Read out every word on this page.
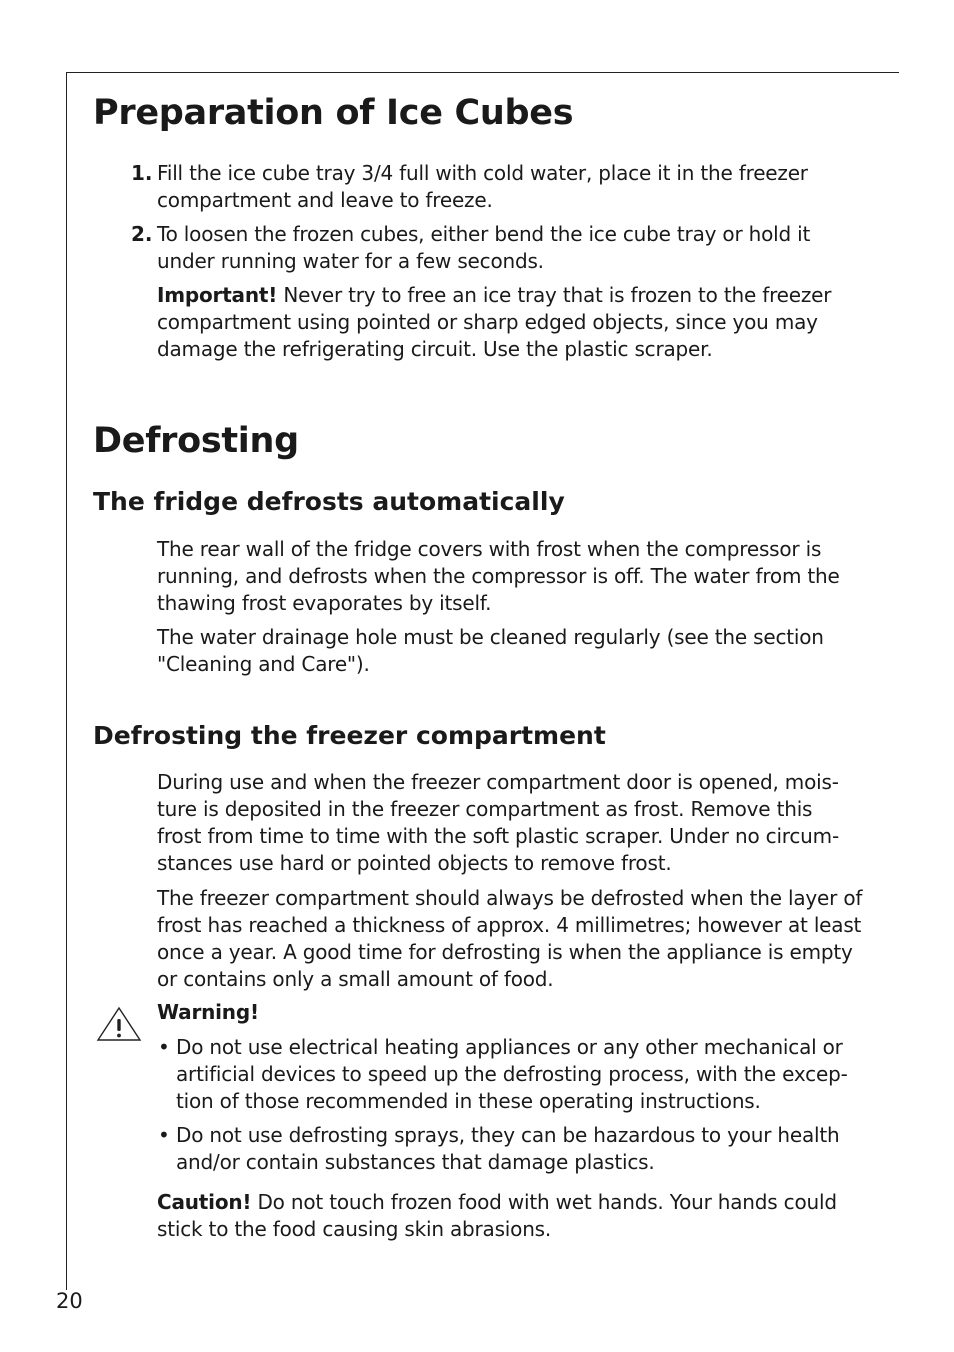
Preparation of Ice Cubes
1. Fill the ice cube tray 3/4 full with cold water, place it in the freezer
compartment and leave to freeze.

2. To loosen the frozen cubes, either bend the ice cube tray or hold it
under running water for a few seconds.

Important! Never try to free an ice tray that is frozen to the freezer
compartment using pointed or sharp edged objects, since you may
damage the refrigerating circuit. Use the plastic scraper.

Defrosting
The fridge defrosts automatically

The rear wall of the fridge covers with frost when the compressor is
running, and defrosts when the compressor is off. The water from the
thawing frost evaporates by itself.

The water drainage hole must be cleaned regularly (see the section
"Cleaning and Care").

Defrosting the freezer compartment

During use and when the freezer compartment door is opened, mois-
ture is deposited in the freezer compartment as frost. Remove this
frost from time to time with the soft plastic scraper. Under no circum-
stances use hard or pointed objects to remove frost.

The freezer compartment should always be defrosted when the layer of
frost has reached a thickness of approx. 4 millimetres; however at least
once a year. A good time for defrosting is when the appliance is empty
or contains only a small amount of food.

Warning!

• Do not use electrical heating appliances or any other mechanical or
artificial devices to speed up the defrosting process, with the excep-
tion of those recommended in these operating instructions.

• Do not use defrosting sprays, they can be hazardous to your health
and/or contain substances that damage plastics.

Caution! Do not touch frozen food with wet hands. Your hands could
stick to the food causing skin abrasions.

20
